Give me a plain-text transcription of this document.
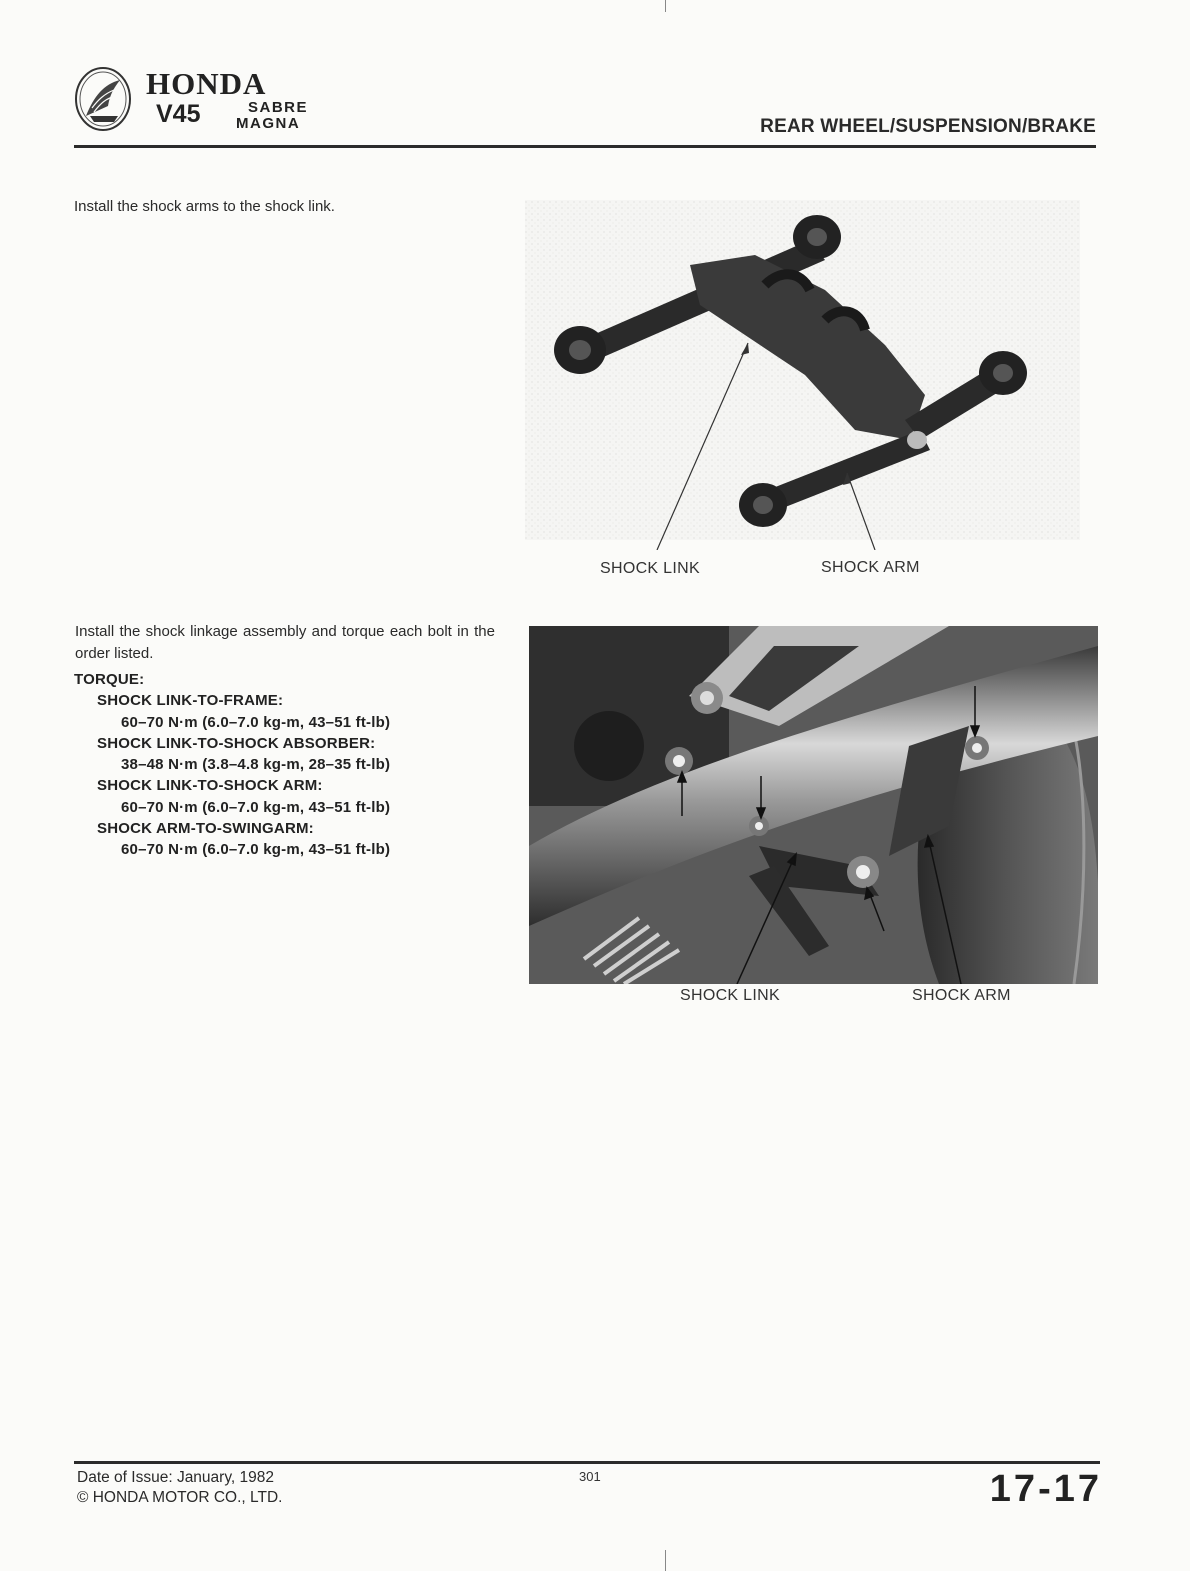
HONDA
V45	SABRE
MAGNA	REAR WHEEL/SUSPENSION/BRAKE
Install the shock arms to the shock link.
SHOCK LINK	SHOCK ARM
Install the shock linkage assembly and torque each bolt in the order listed.
TORQUE:
SHOCK LINK-TO-FRAME:
60–70 N·m (6.0–7.0 kg-m, 43–51 ft-lb)
SHOCK LINK-TO-SHOCK ABSORBER:
38–48 N·m (3.8–4.8 kg-m, 28–35 ft-lb)
SHOCK LINK-TO-SHOCK ARM:
60–70 N·m (6.0–7.0 kg-m, 43–51 ft-lb)
SHOCK ARM-TO-SWINGARM:
60–70 N·m (6.0–7.0 kg-m, 43–51 ft-lb)
SHOCK LINK	SHOCK ARM
Date of Issue: January, 1982
© HONDA MOTOR CO., LTD.
301	17-17
